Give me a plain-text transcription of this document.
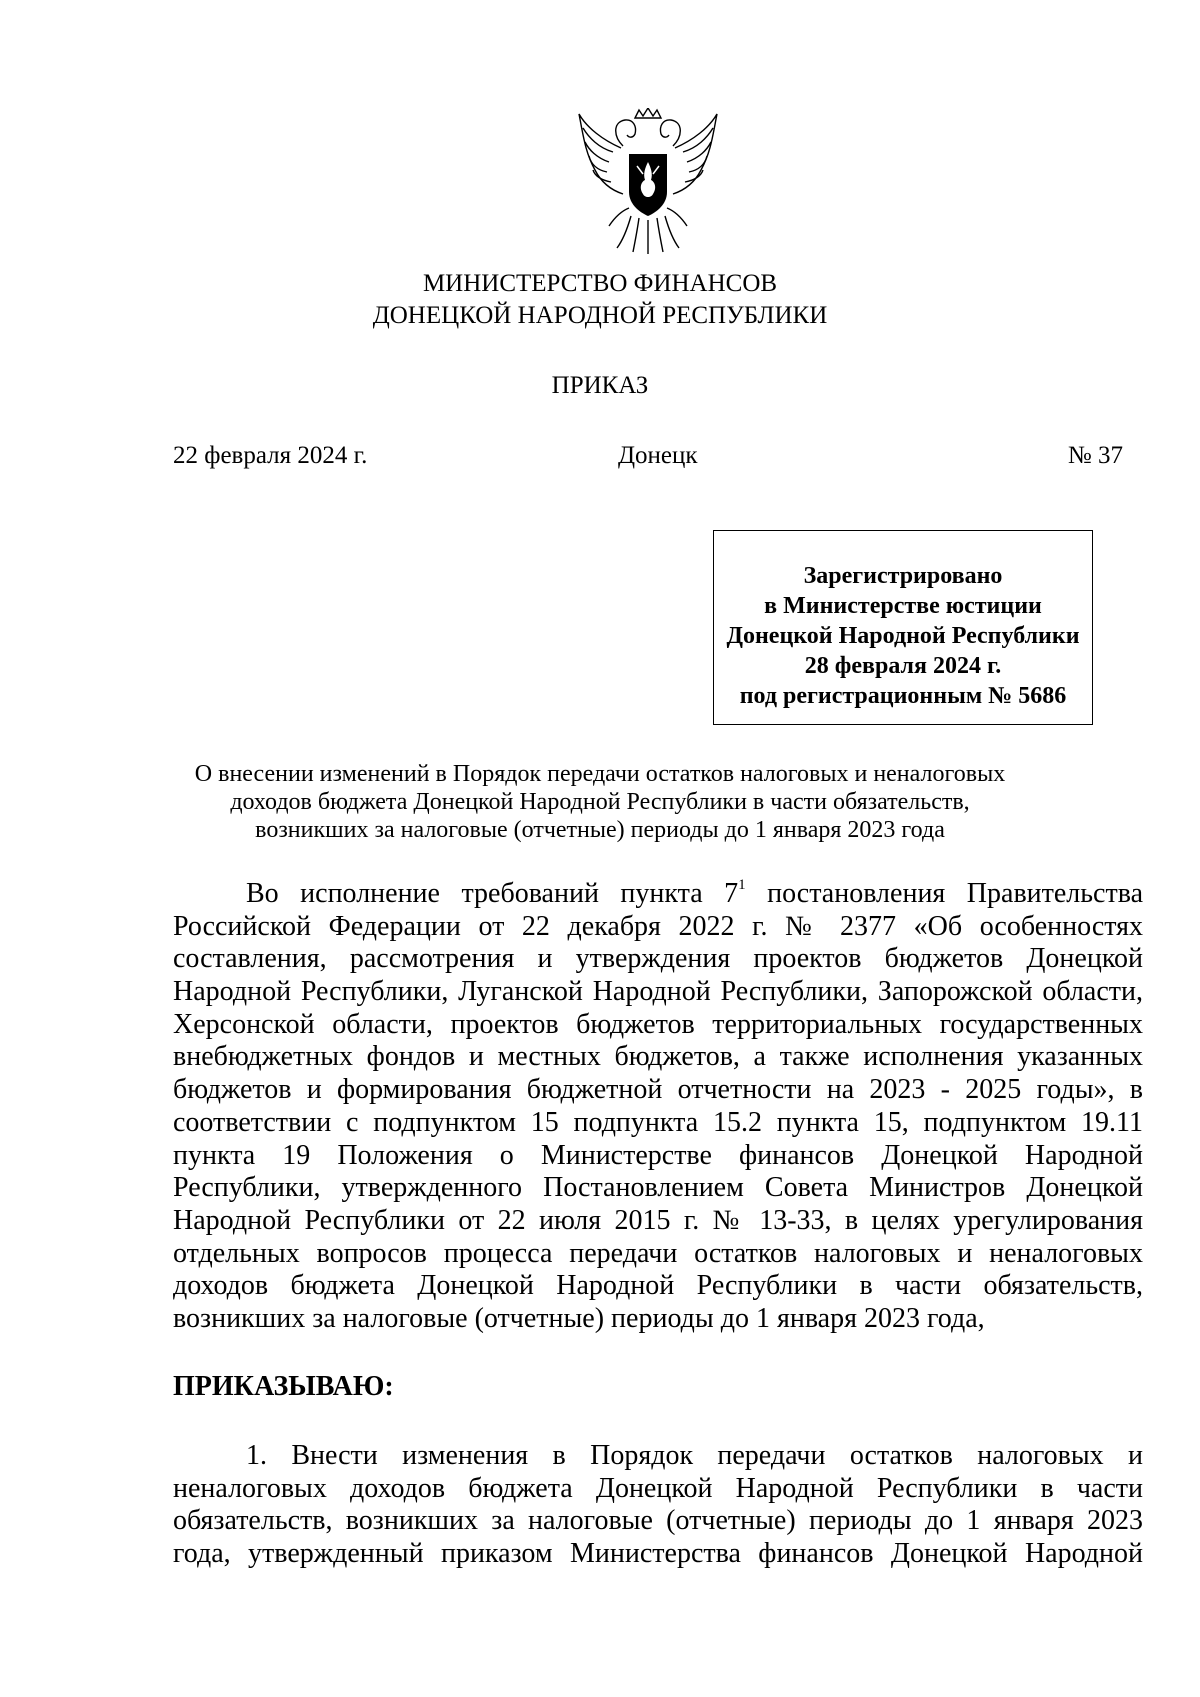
МИНИСТЕРСТВО ФИНАНСОВ
ДОНЕЦКОЙ НАРОДНОЙ РЕСПУБЛИКИ
ПРИКАЗ
22 февраля 2024 г.	Донецк	№ 37
Зарегистрировано
в Министерстве юстиции
Донецкой Народной Республики
28 февраля 2024 г.
под регистрационным № 5686
О внесении изменений в Порядок передачи остатков налоговых и неналоговых
доходов бюджета Донецкой Народной Республики в части обязательств,
возникших за налоговые (отчетные) периоды до 1 января 2023 года
Во исполнение требований пункта $7^1$ постановления Правительства
Российской Федерации от 22 декабря 2022 г. № 2377 «Об особенностях
составления, рассмотрения и утверждения проектов бюджетов Донецкой
Народной Республики, Луганской Народной Республики, Запорожской области,
Херсонской области, проектов бюджетов территориальных государственных
внебюджетных фондов и местных бюджетов, а также исполнения указанных
бюджетов и формирования бюджетной отчетности на 2023 - 2025 годы», в
соответствии с подпунктом 15 подпункта 15.2 пункта 15, подпунктом 19.11
пункта 19 Положения о Министерстве финансов Донецкой Народной
Республики, утвержденного Постановлением Совета Министров Донецкой
Народной Республики от 22 июля 2015 г. № 13-33, в целях урегулирования
отдельных вопросов процесса передачи остатков налоговых и неналоговых
доходов бюджета Донецкой Народной Республики в части обязательств,
возникших за налоговые (отчетные) периоды до 1 января 2023 года,
ПРИКАЗЫВАЮ:
1. Внести изменения в Порядок передачи остатков налоговых и
неналоговых доходов бюджета Донецкой Народной Республики в части
обязательств, возникших за налоговые (отчетные) периоды до 1 января 2023
года, утвержденный приказом Министерства финансов Донецкой Народной
